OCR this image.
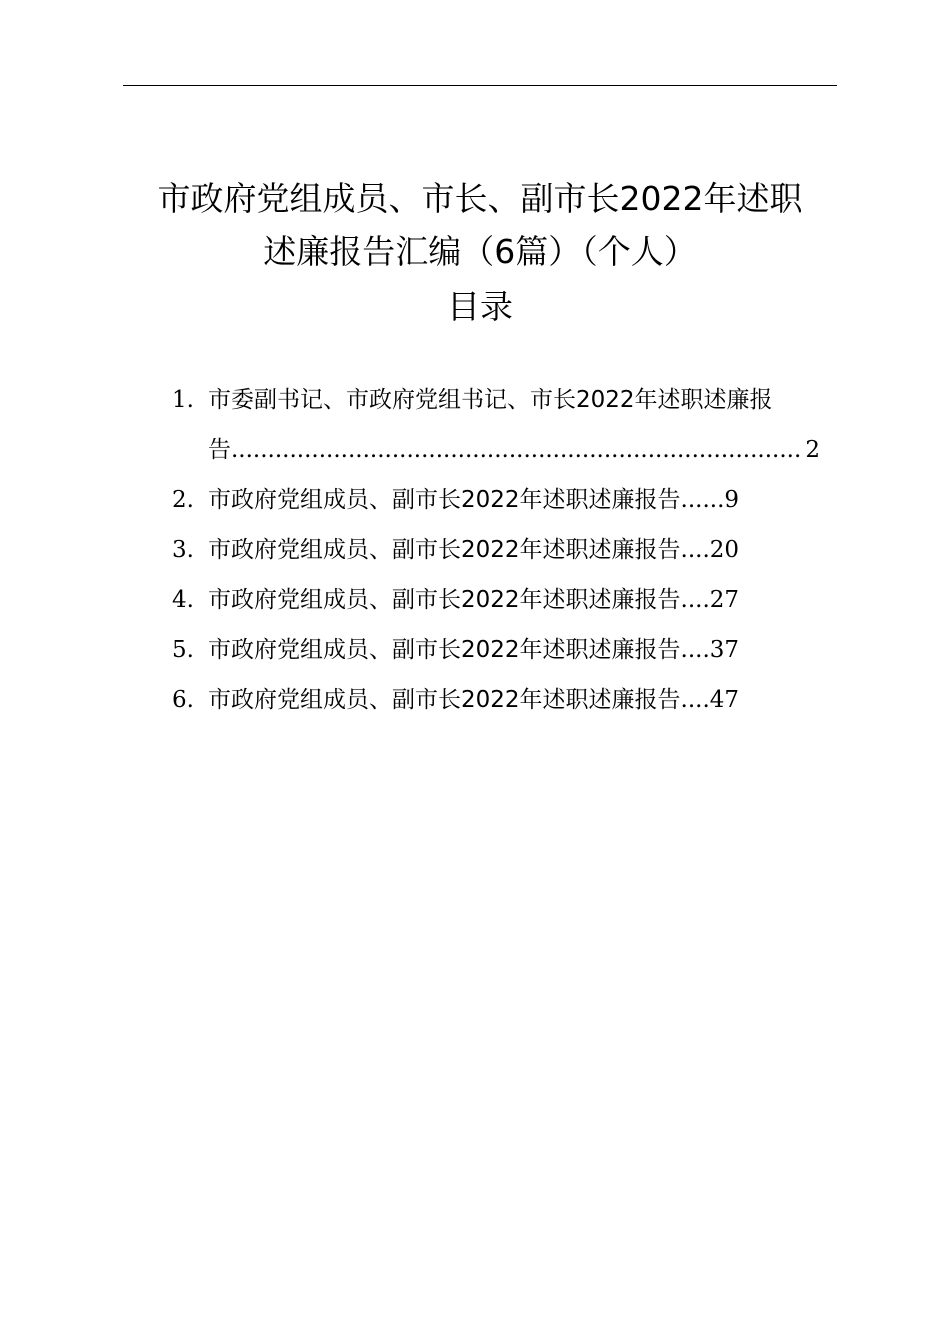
市政府党组成员、市长、副市长2022年述职
述廉报告汇编（6篇）（个人）
目录
1. 市委副书记、市政府党组书记、市长2022年述职述廉报
告 .............................................................................. 2
2. 市政府党组成员、副市长2022年述职述廉报告 ...... 9
3. 市政府党组成员、副市长2022年述职述廉报告 .... 20
4. 市政府党组成员、副市长2022年述职述廉报告 .... 27
5. 市政府党组成员、副市长2022年述职述廉报告 .... 37
6. 市政府党组成员、副市长2022年述职述廉报告 .... 47
